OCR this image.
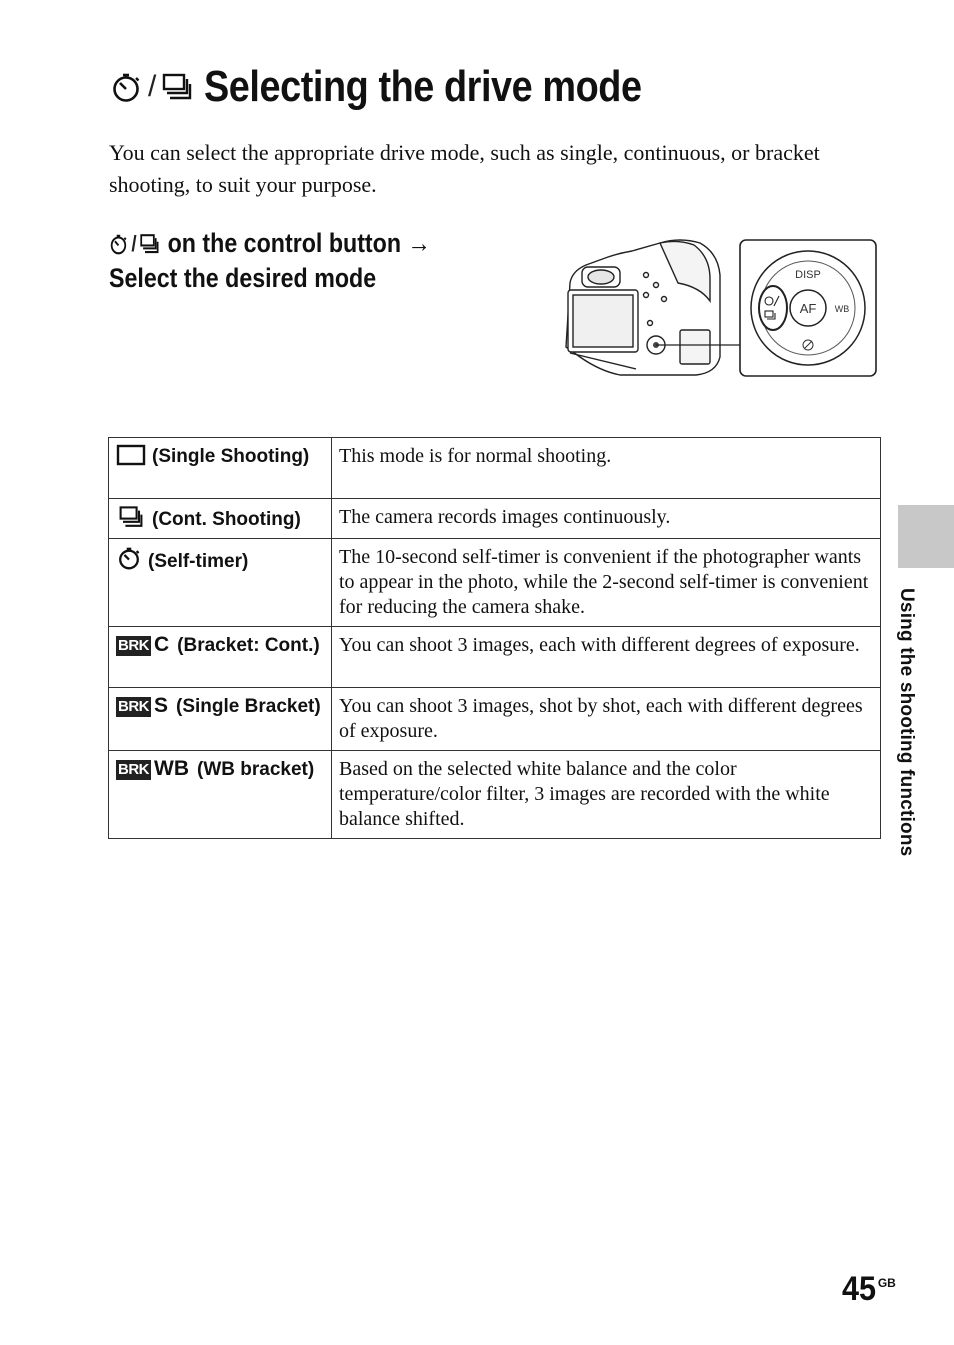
/ Selecting the drive mode
You can select the appropriate drive mode, such as single, continuous, or bracket shooting, to suit your purpose.
/ on the control button →
Select the desired mode	DISP
AF WB
(Single Shooting)	This mode is for normal shooting.
(Cont. Shooting)	The camera records images continuously.
(Self-timer)	The 10-second self-timer is convenient if the photographer wants to appear in the photo, while the 2-second self-timer is convenient for reducing the camera shake.
BRK C (Bracket: Cont.)	You can shoot 3 images, each with different degrees of exposure.
BRK S (Single Bracket)	You can shoot 3 images, shot by shot, each with different degrees of exposure.
BRK WB (WB bracket)	Based on the selected white balance and the color temperature/color filter, 3 images are recorded with the white balance shifted.	Using the shooting functions
45 GB
